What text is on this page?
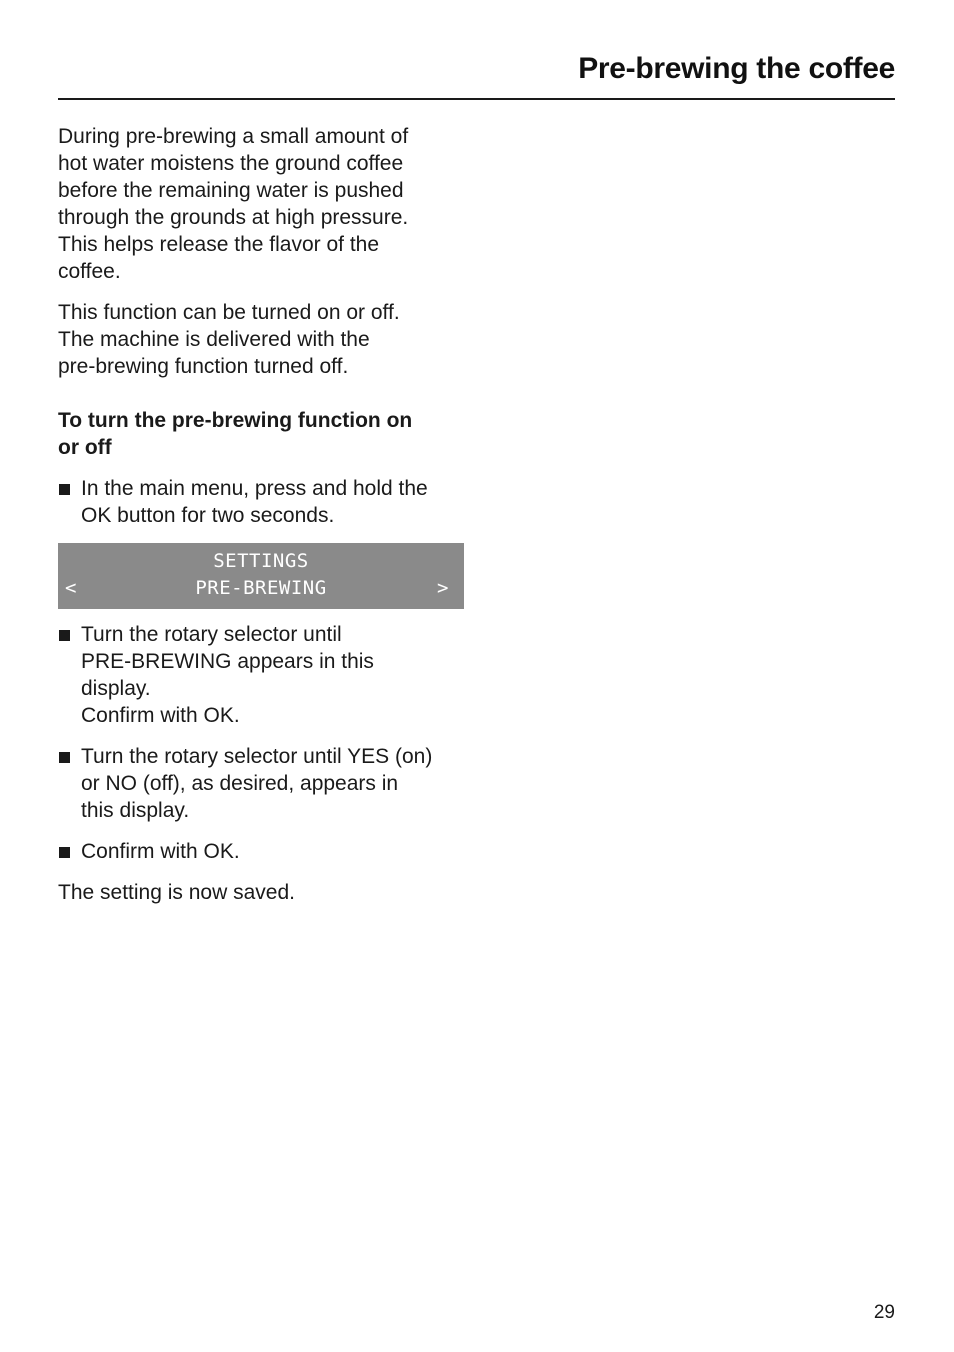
Pre-brewing the coffee

During pre-brewing a small amount of
hot water moistens the ground coffee
before the remaining water is pushed
through the grounds at high pressure.
This helps release the flavor of the
coffee.

This function can be turned on or off.
The machine is delivered with the
pre-brewing function turned off.

To turn the pre-brewing function on
or off
In the main menu, press and hold the
OK button for two seconds.
SETTINGS
<	PRE-BREWING	>
Turn the rotary selector until
PRE-BREWING appears in this
display.
Confirm with OK.
Turn the rotary selector until YES (on)
or NO (off), as desired, appears in
this display.
Confirm with OK.

The setting is now saved.

29
